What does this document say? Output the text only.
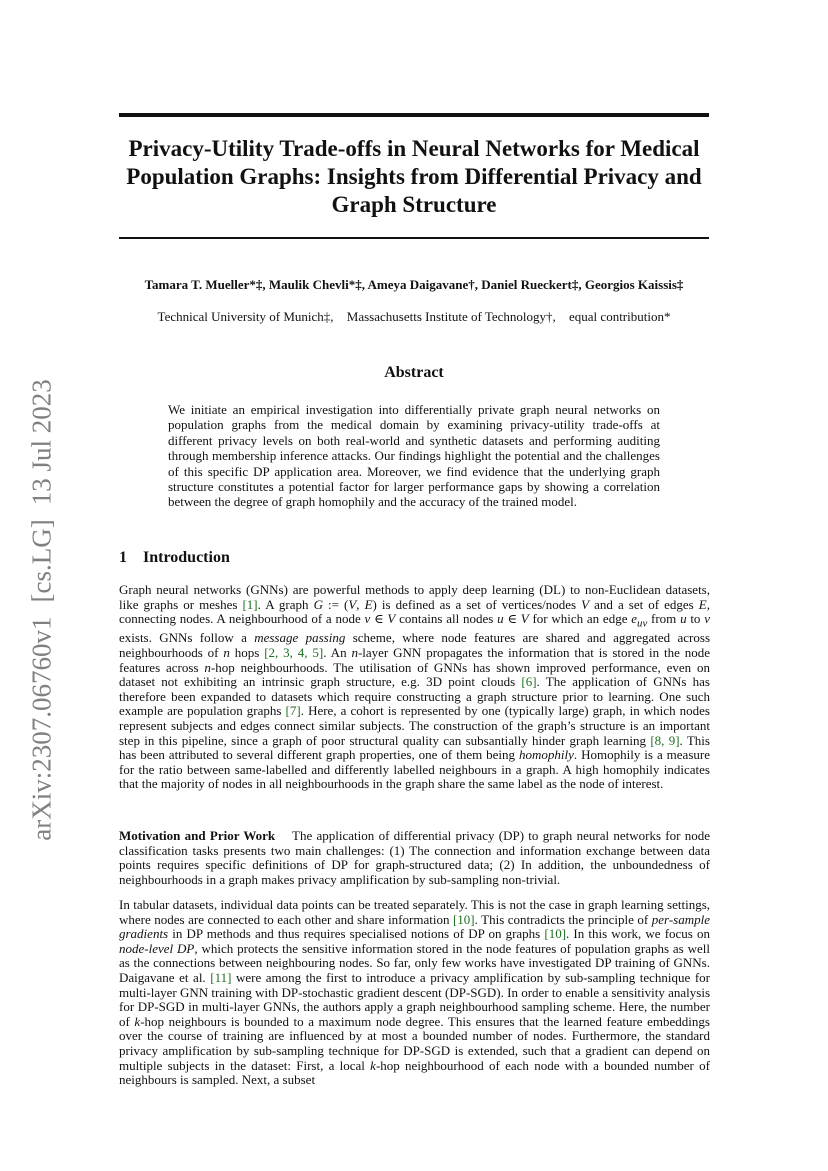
Privacy-Utility Trade-offs in Neural Networks for Medical Population Graphs: Insights from Differential Privacy and Graph Structure
Tamara T. Mueller*‡, Maulik Chevli*‡, Ameya Daigavane†, Daniel Rueckert‡, Georgios Kaissis‡
Technical University of Munich‡, Massachusetts Institute of Technology†, equal contribution*
Abstract

We initiate an empirical investigation into differentially private graph neural networks on population graphs from the medical domain by examining privacy-utility trade-offs at different privacy levels on both real-world and synthetic datasets and performing auditing through membership inference attacks. Our findings highlight the potential and the challenges of this specific DP application area. Moreover, we find evidence that the underlying graph structure constitutes a potential factor for larger performance gaps by showing a correlation between the degree of graph homophily and the accuracy of the trained model.

1 Introduction

Graph neural networks (GNNs) are powerful methods to apply deep learning (DL) to non-Euclidean datasets, like graphs or meshes [1]. A graph G := (V, E) is defined as a set of vertices/nodes V and a set of edges E, connecting nodes. A neighbourhood of a node v ∈ V contains all nodes u ∈ V for which an edge $e_{uv}$ from u to v exists. GNNs follow a message passing scheme, where node features are shared and aggregated across neighbourhoods of n hops [2, 3, 4, 5]. An n-layer GNN propagates the information that is stored in the node features across n-hop neighbourhoods. The utilisation of GNNs has shown improved performance, even on dataset not exhibiting an intrinsic graph structure, e.g. 3D point clouds [6]. The application of GNNs has therefore been expanded to datasets which require constructing a graph structure prior to learning. One such example are population graphs [7]. Here, a cohort is represented by one (typically large) graph, in which nodes represent subjects and edges connect similar subjects. The construction of the graph’s structure is an important step in this pipeline, since a graph of poor structural quality can subsantially hinder graph learning [8, 9]. This has been attributed to several different graph properties, one of them being homophily. Homophily is a measure for the ratio between same-labelled and differently labelled neighbours in a graph. A high homophily indicates that the majority of nodes in all neighbourhoods in the graph share the same label as the node of interest.

Motivation and Prior Work The application of differential privacy (DP) to graph neural networks for node classification tasks presents two main challenges: (1) The connection and information exchange between data points requires specific definitions of DP for graph-structured data; (2) In addition, the unboundedness of neighbourhoods in a graph makes privacy amplification by sub-sampling non-trivial.

In tabular datasets, individual data points can be treated separately. This is not the case in graph learning settings, where nodes are connected to each other and share information [10]. This contradicts the principle of per-sample gradients in DP methods and thus requires specialised notions of DP on graphs [10]. In this work, we focus on node-level DP, which protects the sensitive information stored in the node features of population graphs as well as the connections between neighbouring nodes. So far, only few works have investigated DP training of GNNs. Daigavane et al. [11] were among the first to introduce a privacy amplification by sub-sampling technique for multi-layer GNN training with DP-stochastic gradient descent (DP-SGD). In order to enable a sensitivity analysis for DP-SGD in multi-layer GNNs, the authors apply a graph neighbourhood sampling scheme. Here, the number of k-hop neighbours is bounded to a maximum node degree. This ensures that the learned feature embeddings over the course of training are influenced by at most a bounded number of nodes. Furthermore, the standard privacy amplification by sub-sampling technique for DP-SGD is extended, such that a gradient can depend on multiple subjects in the dataset: First, a local k-hop neighbourhood of each node with a bounded number of neighbours is sampled. Next, a subset

arXiv:2307.06760v1[cs.LG]13 Jul 2023
